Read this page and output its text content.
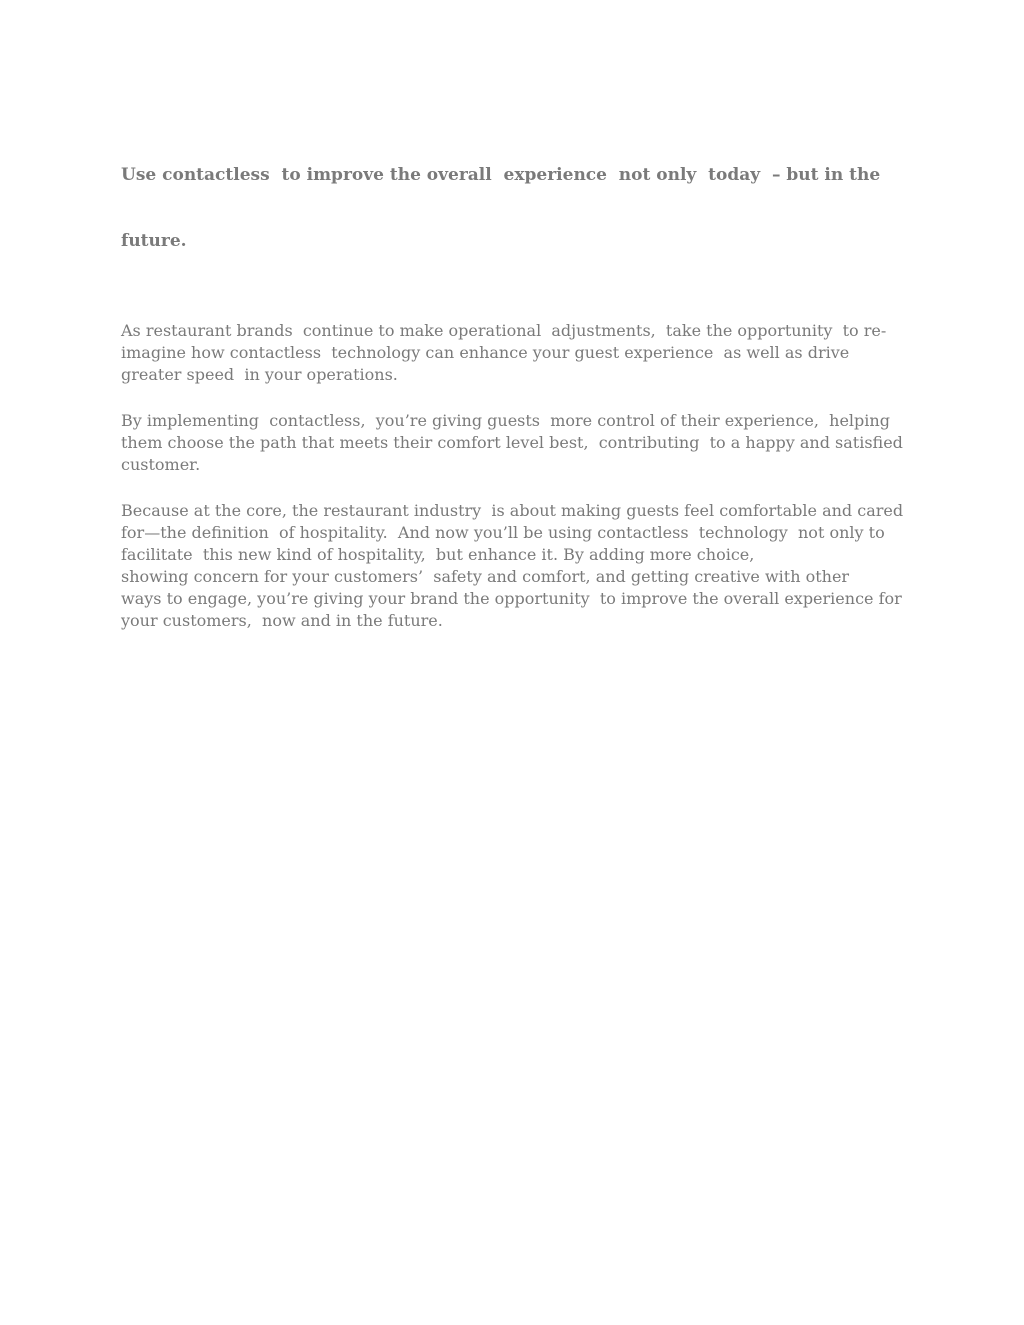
Use contactless  to improve the overall  experience  not only  today  – but in the

future.

As restaurant brands  continue to make operational  adjustments,  take the opportunity  to re-
imagine how contactless  technology can enhance your guest experience  as well as drive
greater speed  in your operations.
By implementing  contactless,  you’re giving guests  more control of their experience,  helping
them choose the path that meets their comfort level best,  contributing  to a happy and satisfied
customer.
Because at the core, the restaurant industry  is about making guests feel comfortable and cared
for—the definition  of hospitality.  And now you’ll be using contactless  technology  not only to
facilitate  this new kind of hospitality,  but enhance it. By adding more choice,
showing concern for your customers’  safety and comfort, and getting creative with other
ways to engage, you’re giving your brand the opportunity  to improve the overall experience for
your customers,  now and in the future.
